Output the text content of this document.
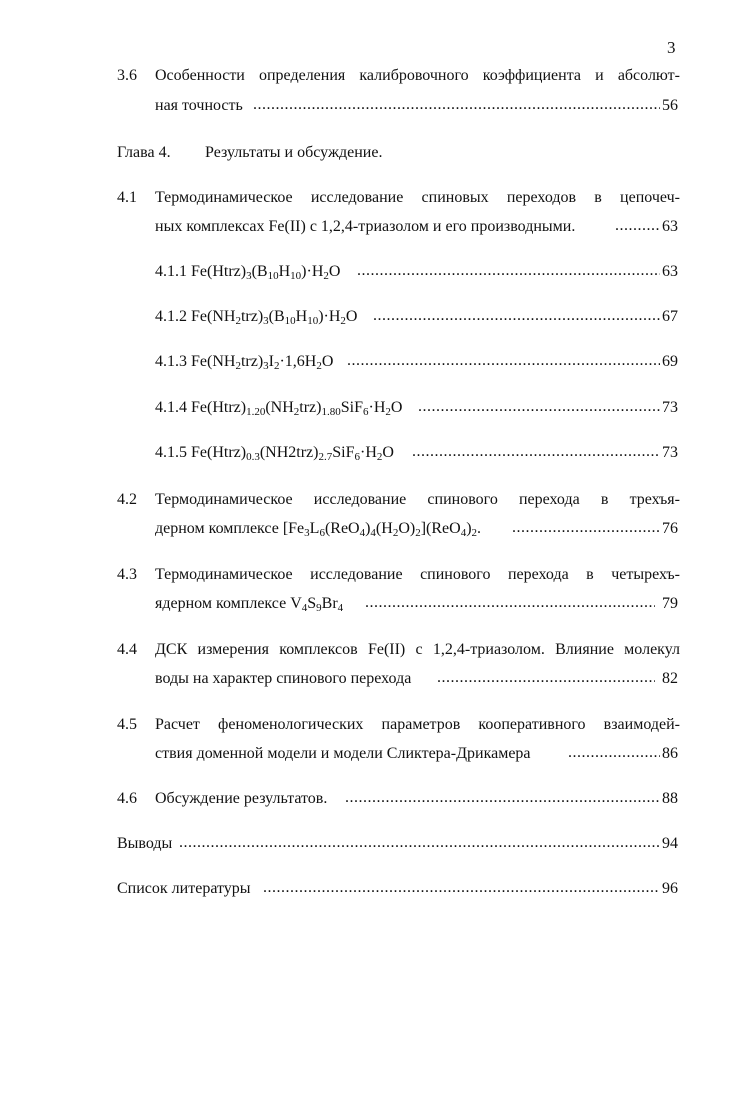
3
3.6 Особенности определения калибровочного коэффициента и абсолют-
ная точность .....	56
Глава 4. Результаты и обсуждение.
4.1 Термодинамическое исследование спиновых переходов в цепочеч-
ных комплексах Fe(II) с 1,2,4-триазолом и его производными. .....	63
4.1.1 $Fe(Htrz)_3(B_{10}H_{10})\cdot H_2O$ .....	63
4.1.2 $Fe(NH_2trz)_3(B_{10}H_{10})\cdot H_2O$ .....	67
4.1.3 $Fe(NH_2trz)_3I_2\cdot 1,6H_2O$ .....	69
4.1.4 $Fe(Htrz)_{1.20}(NH_2trz)_{1.80}SiF_6\cdot H_2O$ .....	73
4.1.5 $Fe(Htrz)_{0.3}(NH2trz)_{2.7}SiF_6\cdot H_2O$ .....	73
4.2 Термодинамическое исследование спинового перехода в трехъя-
дерном комплексе $[Fe_3L_6(ReO_4)_4(H_2O)_2](ReO_4)_2$. .....	76
4.3 Термодинамическое исследование спинового перехода в четырехъ-
ядерном комплексе $V_4S_9Br_4$ .....	79
4.4 ДСК измерения комплексов Fe(II) с 1,2,4-триазолом. Влияние молекул
воды на характер спинового перехода .....	82
4.5 Расчет феноменологических параметров кооперативного взаимодей-
ствия доменной модели и модели Сликтера-Дрикамера .....	86
4.6 Обсуждение результатов. .....	88
Выводы .....	94
Список литературы .....	96
